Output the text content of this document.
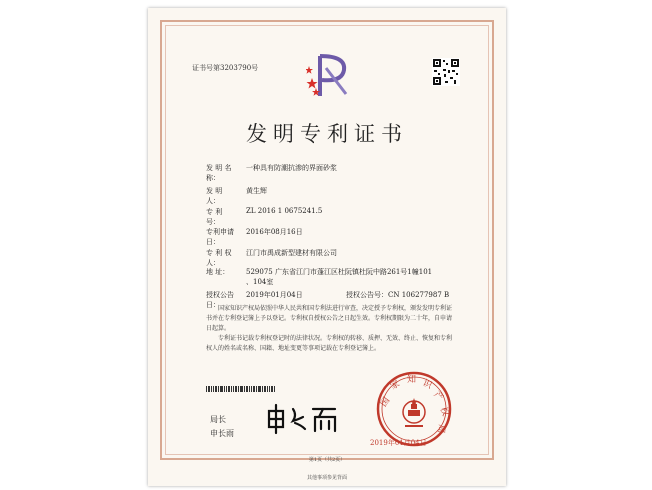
证书号第3203790号
发明专利证书
发 明 名 称：
一种具有防潮抗渗的界面砂浆
发 明 人：
黄生辉
专 利 号：
ZL 2016 1 0675241.5
专利申请日：
2016年08月16日
专 利 权 人：
江门市禹成新型建材有限公司
地 址： 529075 广东省江门市蓬江区杜阮镇杜阮中路261号1幢101
、104室
授权公告日：
2019年01月04日	授权公告号：CN 106277987 B
国家知识产权局依照中华人民共和国专利法进行审查，决定授予专利权，颁发发明专利证书并在专利登记簿上予以登记。专利权自授权公告之日起生效。专利权期限为二十年，自申请日起算。
专利证书记载专利权登记时的法律状况。专利权的转移、质押、无效、终止、恢复和专利权人的姓名或名称、国籍、地址变更等事项记载在专利登记簿上。
局长
申长雨
国
家 知 识
产
权
局
2019年01月04日
第1页（共2页）
其他事项参见背面
